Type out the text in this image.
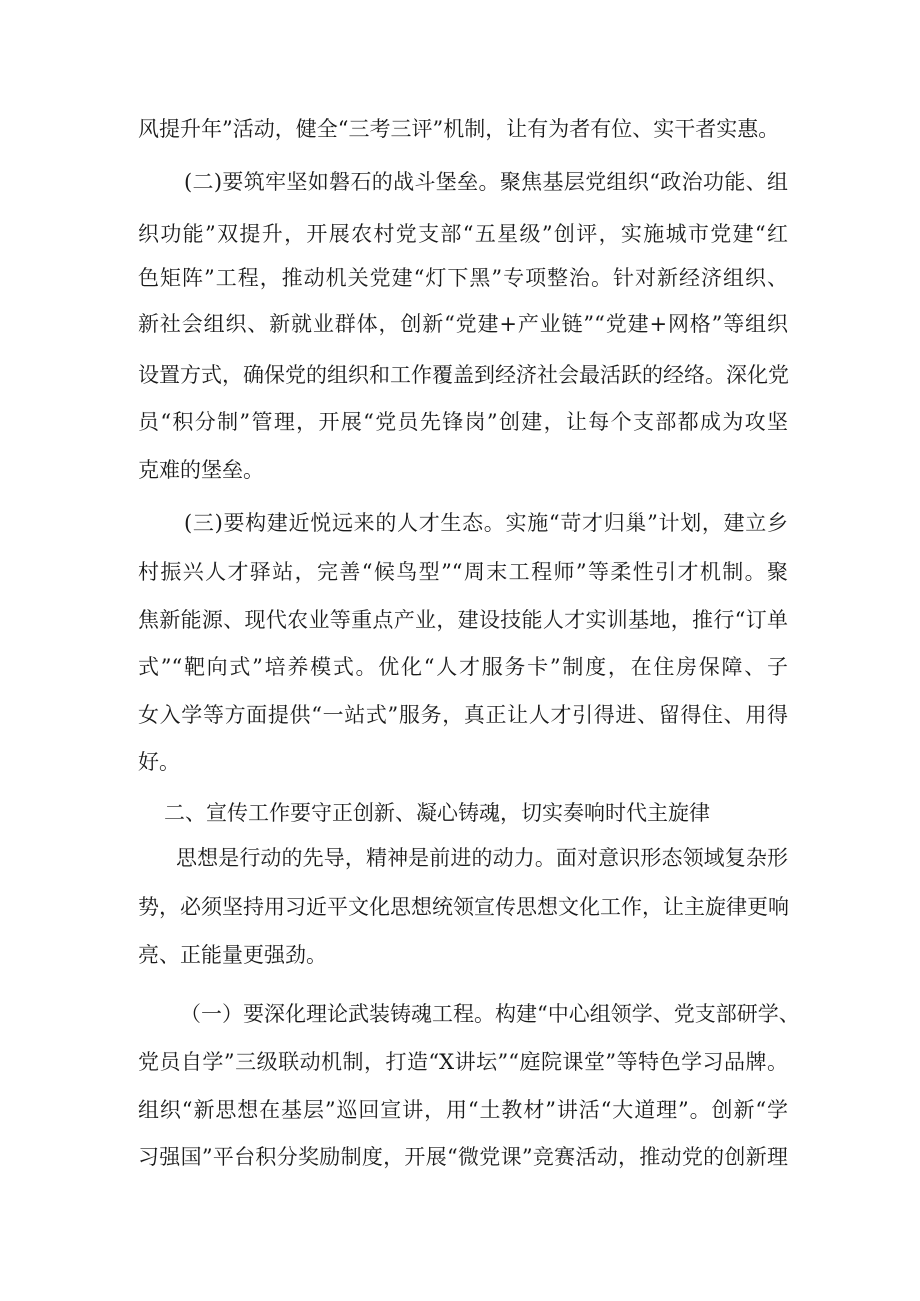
风提升年”活动，健全“三考三评”机制，让有为者有位、实干者实惠。
(二)要筑牢坚如磐石的战斗堡垒。聚焦基层党组织“政治功能、组
织功能”双提升，开展农村党支部“五星级”创评，实施城市党建“红
色矩阵”工程，推动机关党建“灯下黑”专项整治。针对新经济组织、
新社会组织、新就业群体，创新“党建+产业链”“党建+网格”等组织
设置方式，确保党的组织和工作覆盖到经济社会最活跃的经络。深化党
员“积分制”管理，开展“党员先锋岗”创建，让每个支部都成为攻坚
克难的堡垒。
(三)要构建近悦远来的人才生态。实施“苛才归巢”计划，建立乡
村振兴人才驿站，完善“候鸟型”“周末工程师”等柔性引才机制。聚
焦新能源、现代农业等重点产业，建设技能人才实训基地，推行“订单
式”“靶向式”培养模式。优化“人才服务卡”制度，在住房保障、子
女入学等方面提供“一站式”服务，真正让人才引得进、留得住、用得
好。
二、宣传工作要守正创新、凝心铸魂，切实奏响时代主旋律
思想是行动的先导，精神是前进的动力。面对意识形态领域复杂形
势，必须坚持用习近平文化思想统领宣传思想文化工作，让主旋律更响
亮、正能量更强劲。
（一）要深化理论武装铸魂工程。构建“中心组领学、党支部研学、
党员自学”三级联动机制，打造“X讲坛”“庭院课堂”等特色学习品牌。
组织“新思想在基层”巡回宣讲，用“土教材”讲活“大道理”。创新“学
习强国”平台积分奖励制度，开展“微党课”竞赛活动，推动党的创新理
